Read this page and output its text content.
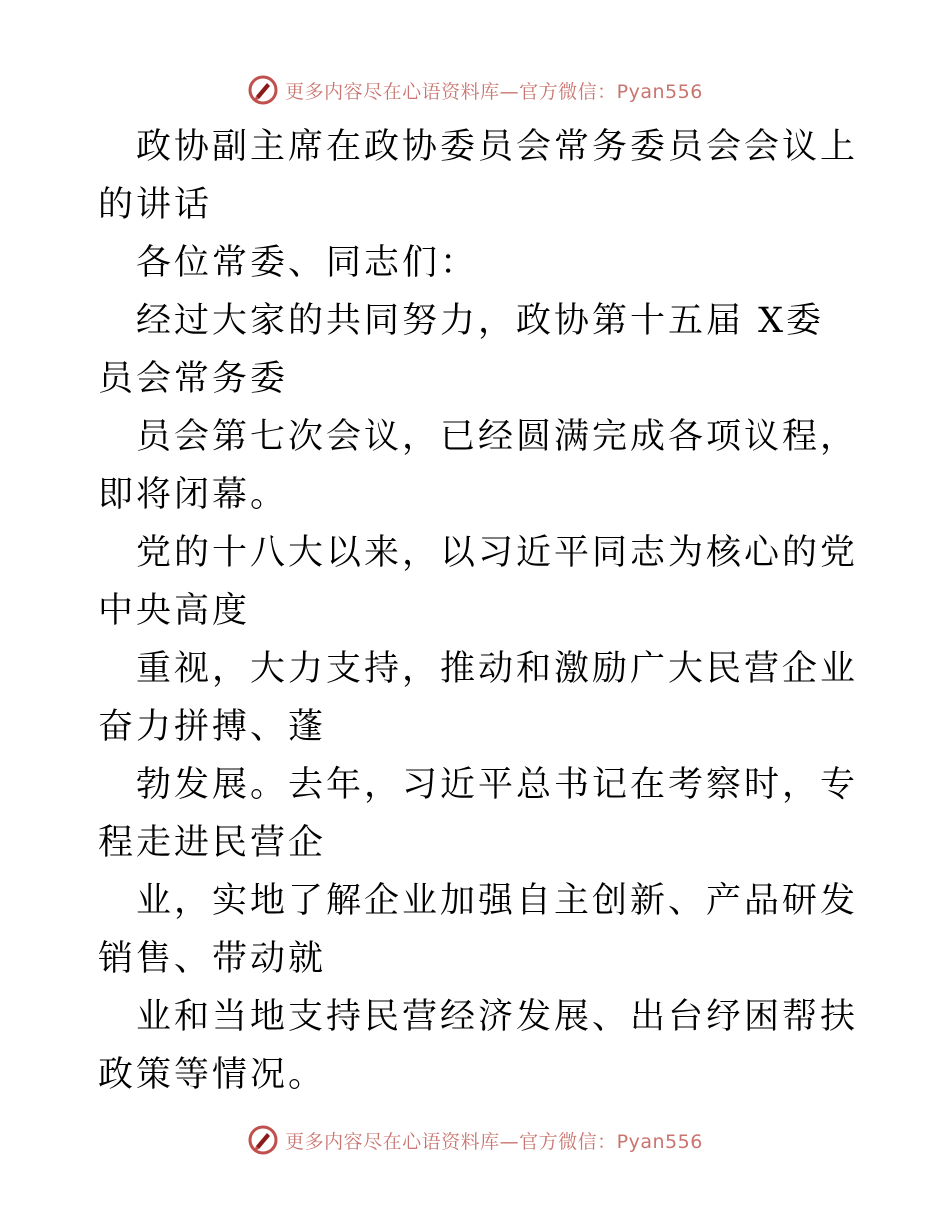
更多内容尽在心语资料库—官方微信：Pyan556

政协副主席在政协委员会常务委员会会议上的讲话

各位常委、同志们：

经过大家的共同努力，政协第十五届 X委员会常务委

员会第七次会议，已经圆满完成各项议程，即将闭幕。

党的十八大以来，以习近平同志为核心的党中央高度

重视，大力支持，推动和激励广大民营企业奋力拼搏、蓬

勃发展。去年，习近平总书记在考察时，专程走进民营企

业，实地了解企业加强自主创新、产品研发销售、带动就

业和当地支持民营经济发展、出台纾困帮扶政策等情况。

更多内容尽在心语资料库—官方微信：Pyan556
